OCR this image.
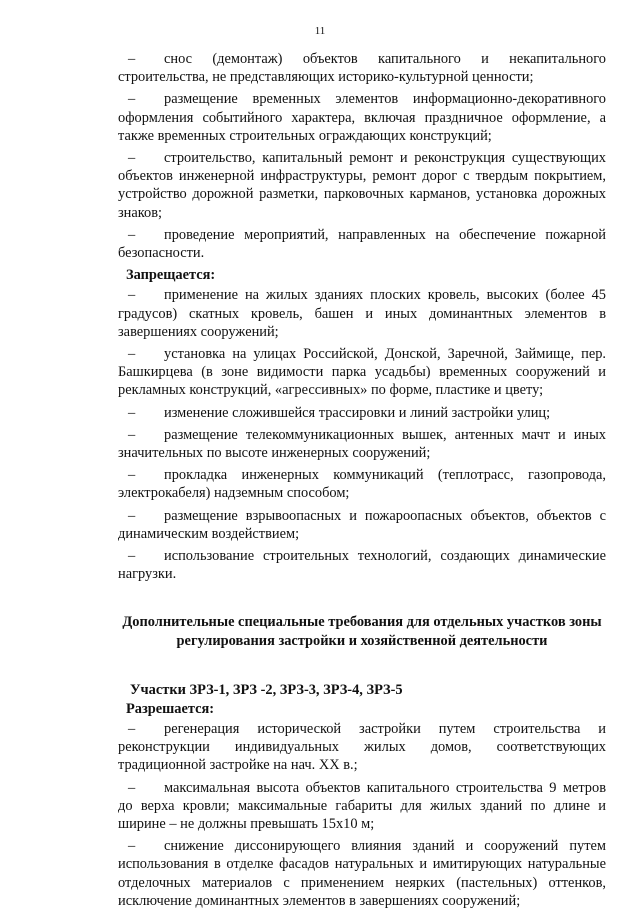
11

– снос (демонтаж) объектов капитального и некапитального строительства, не представляющих историко-культурной ценности;

– размещение временных элементов информационно-декоративного оформления событийного характера, включая праздничное оформление, а также временных строительных ограждающих конструкций;

– строительство, капитальный ремонт и реконструкция существующих объектов инженерной инфраструктуры, ремонт дорог с твердым покрытием, устройство дорожной разметки, парковочных карманов, установка дорожных знаков;

– проведение мероприятий, направленных на обеспечение пожарной безопасности.

Запрещается:

– применение на жилых зданиях плоских кровель, высоких (более 45 градусов) скатных кровель, башен и иных доминантных элементов в завершениях сооружений;

– установка на улицах Российской, Донской, Заречной, Займище, пер. Башкирцева (в зоне видимости парка усадьбы) временных сооружений и рекламных конструкций, «агрессивных» по форме, пластике и цвету;

– изменение сложившейся трассировки и линий застройки улиц;

– размещение телекоммуникационных вышек, антенных мачт и иных значительных по высоте инженерных сооружений;

– прокладка инженерных коммуникаций (теплотрасс, газопровода, электрокабеля) надземным способом;

– размещение взрывоопасных и пожароопасных объектов, объектов с динамическим воздействием;

– использование строительных технологий, создающих динамические нагрузки.

Дополнительные специальные требования для отдельных участков зоны регулирования застройки и хозяйственной деятельности

Участки ЗРЗ-1, ЗРЗ -2, ЗРЗ-3, ЗРЗ-4, ЗРЗ-5

Разрешается:

– регенерация исторической застройки путем строительства и реконструкции индивидуальных жилых домов, соответствующих традиционной застройке на нач. XX в.;

– максимальная высота объектов капитального строительства 9 метров до верха кровли; максимальные габариты для жилых зданий по длине и ширине – не должны превышать 15х10 м;

– снижение диссонирующего влияния зданий и сооружений путем использования в отделке фасадов натуральных и имитирующих натуральные отделочных материалов с применением неярких (пастельных) оттенков, исключение доминантных элементов в завершениях сооружений;
